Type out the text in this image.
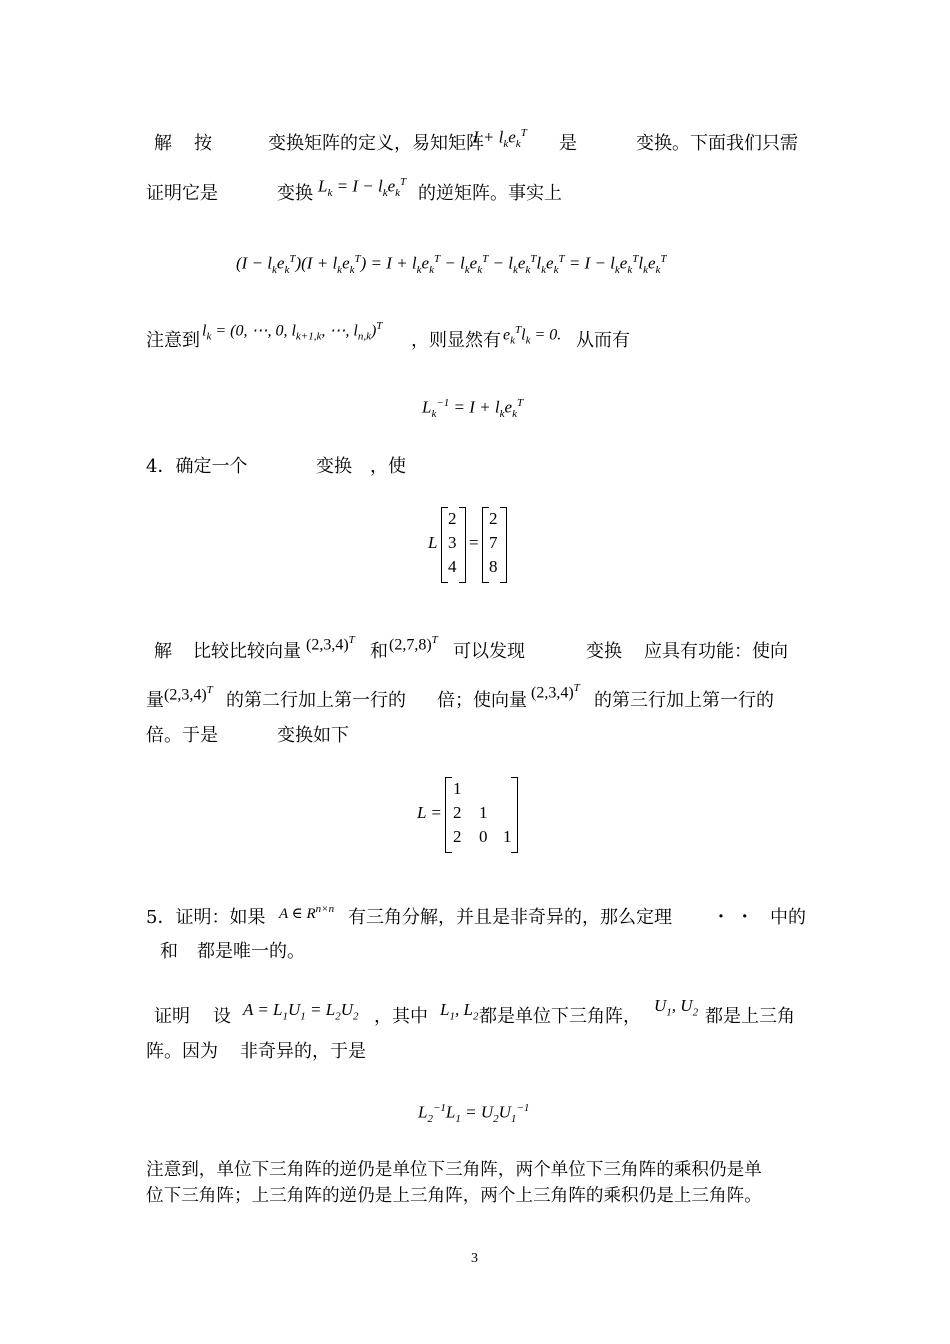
解 按	变换矩阵的定义，易知矩阵
$I + l_ke_k^T$ 是	变换。下面我们只需
证明它是	变换 $L_k = I - l_ke_k^T$
的逆矩阵。事实上
$(I - l_ke_k^T)(I + l_ke_k^T) = I + l_ke_k^T - l_ke_k^T - l_ke_k^Tl_ke_k^T = I - l_ke_k^Tl_ke_k^T$
注意到 $l_k = (0$, ⋯, 0, $l_{k+1,k}$, ⋯, $l_{n,k})^T$
，则显然有 $e_k^Tl_k = 0$. 从而有
$L_k^{-1} = I + l_ke_k^T$
4．确定一个	变换 ，使
L
2
3
4
=
2
7
8
解 比较比较向量 $(2,3,4)^T$
和 $(2,7,8)^T$
可以发现	变换 应具有功能：使向
量 $(2,3,4)^T$ 的第二行加上第一行的 倍；使向量 $(2,3,4)^T$
的第三行加上第一行的
倍。于是	变换如下
L =
1
2 1
2 0 1
5．证明：如果 A ∈ $R^{n\times n}$ 有三角分解，并且是非奇异的，那么定理 ・ ・ 中的
和 都是唯一的。
证明 设 $A = L_1U_1 = L_2U_2$ ，其中 $L_1$, $L_2$ 都是单位下三角阵，
$U_1$, $U_2$ 都是上三角
阵。因为 非奇异的，于是
$L_2^{-1}L_1 = U_2U_1^{-1}$
注意到，单位下三角阵的逆仍是单位下三角阵，两个单位下三角阵的乘积仍是单
位下三角阵；上三角阵的逆仍是上三角阵，两个上三角阵的乘积仍是上三角阵。
3
